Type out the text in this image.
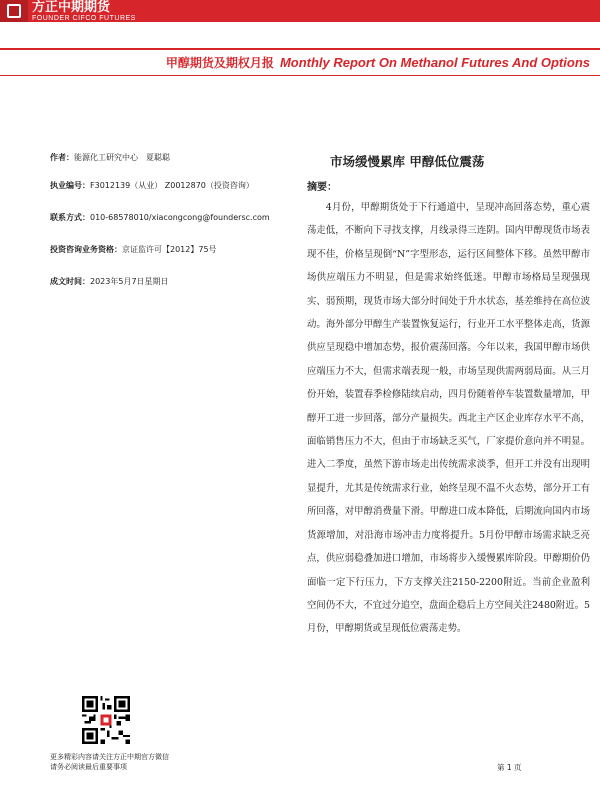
方正中期期货
FOUNDER CIFCO FUTURES
甲醇期货及期权月报 Monthly Report On Methanol Futures And Options
作者：能源化工研究中心　夏聪聪
执业编号：F3012139（从业） Z0012870（投资咨询）
联系方式：010-68578010/xiacongcong@foundersc.com
投资咨询业务资格：京证监许可【2012】75号
成文时间：2023年5月7日星期日
市场缓慢累库 甲醇低位震荡
摘要：
4月份，甲醇期货处于下行通道中，呈现冲高回落态势，重心震荡走低，不断向下寻找支撑，月线录得三连阴。国内甲醇现货市场表现不佳，价格呈现倒“N”字型形态，运行区间整体下移。虽然甲醇市场供应端压力不明显，但是需求始终低迷。甲醇市场格局呈现强现实、弱预期，现货市场大部分时间处于升水状态，基差维持在高位波动。海外部分甲醇生产装置恢复运行，行业开工水平整体走高，货源供应呈现稳中增加态势，报价震荡回落。今年以来，我国甲醇市场供应端压力不大，但需求端表现一般，市场呈现供需两弱局面。从三月份开始，装置春季检修陆续启动，四月份随着停车装置数量增加，甲醇开工进一步回落，部分产量损失。西北主产区企业库存水平不高，面临销售压力不大，但由于市场缺乏买气，厂家提价意向并不明显。进入二季度，虽然下游市场走出传统需求淡季，但开工并没有出现明显提升，尤其是传统需求行业，始终呈现不温不火态势，部分开工有所回落，对甲醇消费量下滑。甲醇进口成本降低，后期流向国内市场货源增加，对沿海市场冲击力度将提升。5月份甲醇市场需求缺乏亮点，供应弱稳叠加进口增加，市场将步入缓慢累库阶段。甲醇期价仍面临一定下行压力，下方支撑关注2150-2200附近。当前企业盈利空间仍不大，不宜过分追空，盘面企稳后上方空间关注2480附近。5月份，甲醇期货或呈现低位震荡走势。
更多精彩内容请关注方正中期官方微信
请务必阅读最后重要事项	第 1 页
